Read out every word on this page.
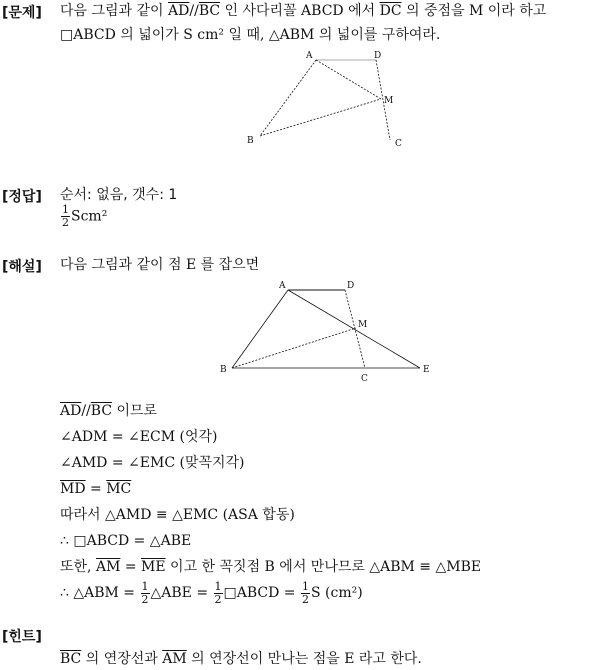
[문제] 다음 그림과 같이 $\overline{AD}//\overline{BC}$ 인 사다리꼴 ABCD 에서 $\overline{DC}$ 의 중점을 M 이라 하고
□ABCD 의 넓이가 S cm² 일 때, △ABM 의 넓이를 구하여라.
A	D
M
B	C
[정답] 순서: 없음, 갯수: 1
$\frac{1}{2} Scm^2$
[해설] 다음 그림과 같이 점 E 를 잡으면
A	D
M
B
C
E
$\overline{AD}//\overline{BC}$ 이므로
∠ADM = ∠ECM (엇각)
∠AMD = ∠EMC (맞꼭지각)
$\overline{MD} = \overline{MC}$
따라서 △AMD ≡ △EMC (ASA 합동)
∴ □ABCD = △ABE
또한, $\overline{AM} = \overline{ME}$ 이고 한 꼭짓점 B 에서 만나므로 △ABM ≡ △MBE
∴ △ABM = $\frac{1}{2}$ △ABE = $\frac{1}{2}$ □ABCD = $\frac{1}{2}$ S (cm²)
[힌트]
$\overline{BC}$ 의 연장선과 $\overline{AM}$ 의 연장선이 만나는 점을 E 라고 한다.
